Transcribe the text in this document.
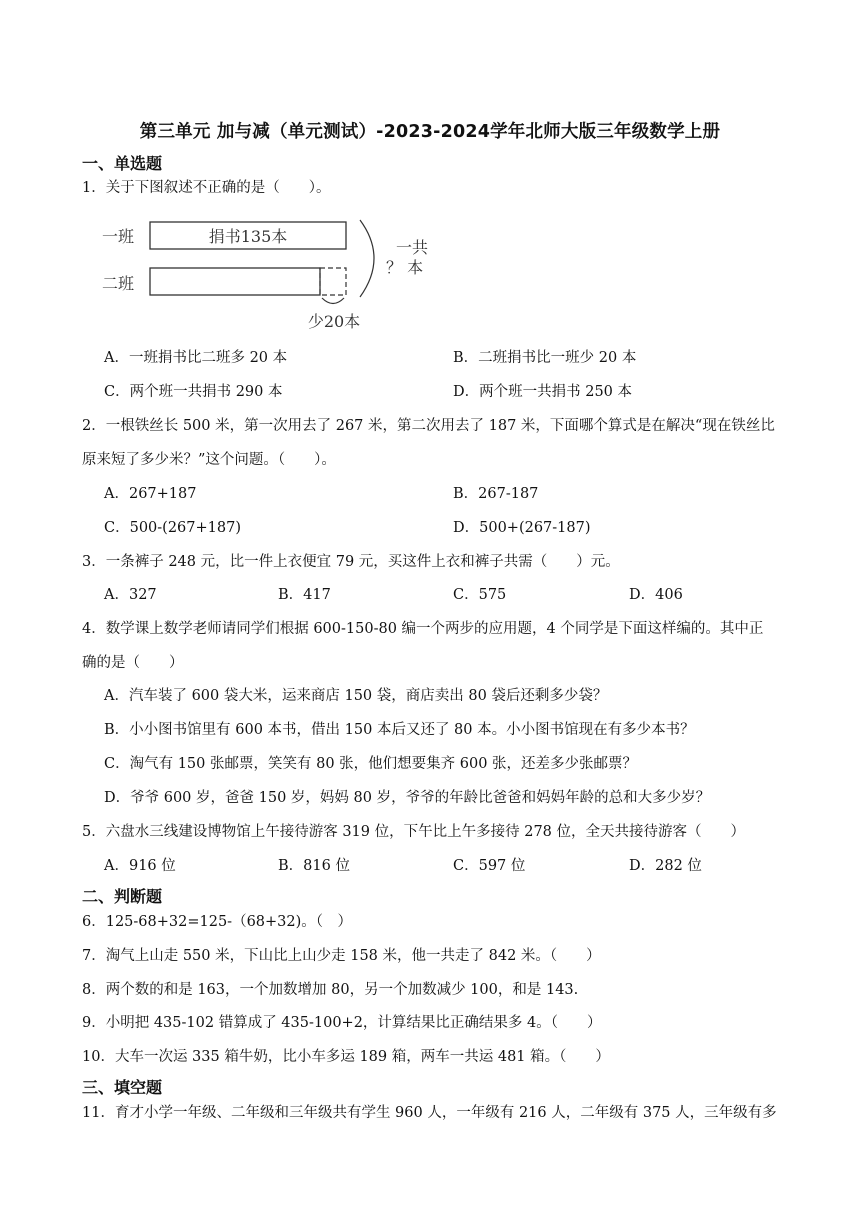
第三单元 加与减（单元测试）-2023-2024学年北师大版三年级数学上册
一、单选题
1．关于下图叙述不正确的是（　　）。
一班	捐书135本
二班
少20本
一共
？ 本
A．一班捐书比二班多 20 本	B．二班捐书比一班少 20 本
C．两个班一共捐书 290 本	D．两个班一共捐书 250 本
2．一根铁丝长 500 米，第一次用去了 267 米，第二次用去了 187 米，下面哪个算式是在解决“现在铁丝比
原来短了多少米？”这个问题。（　　）。
A．267+187	B．267-187
C．500-(267+187)	D．500+(267-187)
3．一条裤子 248 元，比一件上衣便宜 79 元，买这件上衣和裤子共需（　　）元。
A．327	B．417	C．575	D．406
4．数学课上数学老师请同学们根据 600-150-80 编一个两步的应用题，4 个同学是下面这样编的。其中正
确的是（　　）
A．汽车装了 600 袋大米，运来商店 150 袋，商店卖出 80 袋后还剩多少袋？
B．小小图书馆里有 600 本书，借出 150 本后又还了 80 本。小小图书馆现在有多少本书？
C．淘气有 150 张邮票，笑笑有 80 张，他们想要集齐 600 张，还差多少张邮票？
D．爷爷 600 岁，爸爸 150 岁，妈妈 80 岁，爷爷的年龄比爸爸和妈妈年龄的总和大多少岁？
5．六盘水三线建设博物馆上午接待游客 319 位，下午比上午多接待 278 位，全天共接待游客（　　）
A．916 位	B．816 位	C．597 位	D．282 位
二、判断题
6．125-68+32=125-（68+32)。（　）
7．淘气上山走 550 米，下山比上山少走 158 米，他一共走了 842 米。（　　）
8．两个数的和是 163，一个加数增加 80，另一个加数减少 100，和是 143.
9．小明把 435-102 错算成了 435-100+2，计算结果比正确结果多 4。（　　）
10．大车一次运 335 箱牛奶，比小车多运 189 箱，两车一共运 481 箱。（　　）
三、填空题
11．育才小学一年级、二年级和三年级共有学生 960 人，一年级有 216 人，二年级有 375 人，三年级有多
